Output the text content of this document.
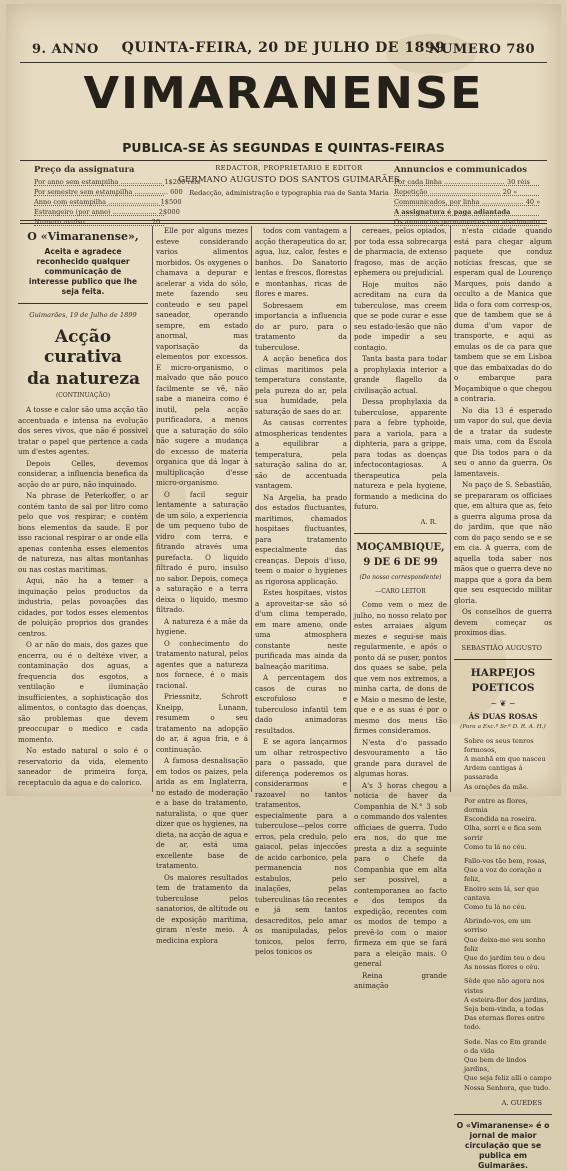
9. ANNO	QUINTA-FEIRA, 20 DE JULHO DE 1899
NUMERO 780
VIMARANENSE
PUBLICA-SE ÀS SEGUNDAS E QUINTAS-FEIRAS
Preço da assignatura
Por anno sem estampilha .................... 1$200 réis
Por semestre sem estampilha ................ 600
Anno com estampilha ........................ 1$500
Estrangeiro (por anno) ..................... 2$000
Numero avulso .............................. 20
REDACTOR, PROPRIETARIO E EDITOR
GERMANO AUGUSTO DOS SANTOS GUIMARÃES
Redacção, administração e typographia rua de Santa Maria
Annuncios e communicados
Por cada linha ............................. 30 réis
Repetição .................................. 20 »
Communicados, por linha .................... 40 »
A assignatura é paga adiantada
Os annuncios permanentes tem abatimento
O «Vimaranense»,
Aceita e agradece reconhecido qualquer communicação de interesse publico que lhe seja feita.
Guimarães, 19 de Julho de 1899
Acção curativa
da natureza
(CONTINUAÇÃO)

A tosse e calor são uma acção tão accentuada e intensa na evolução dos seres vivos, que não é possivel tratar o papel que pertence a cada um d'estes agentes.

Depois Celles, devemos considerar, a influencia benefica da acção do ar puro, não inquinado.

Na phrase de Peterkoffer, o ar contém tanto de sal por litro como pelo que vos respirar; e contém bons elementos da saude. E por isso racional respirar o ar onde ella apenas contenha esses elementos de natureza, nas altas montanhas ou nas costas maritimas.

Aqui, não ha a temer a inquinação pelos productos da industria, pelas povoações das cidades, por todos esses elementos de poluição proprios dos grandes centros.

O ar não do mais, dos gazes que encerra, ou é o deltéxe viver, a contaminação dos aguas, a frequencia dos esgotos, a ventilação e iluminação insufficientes, a sophisticação dos alimentos, o contagio das doenças, são problemas que devem preoccupar o medico e cada momento.

No estado natural o solo é o reservatorio da vida, elemento saneador de primeira força, receptaculo da agua e do calorico.

Elle por alguns mezes esteve considerando varios alimentos morbidos. Os oxygenes o chamava a depurar e acelerar a vida do sólo, mete fazendo seu conteudo e seu papel saneador, operando sempre, em estado anormal, mas vaporisação da elementos por excessos. E micro-organismo, o malvado que não pouco facilmente se vê, não sabe a maneira como é inutil, pela acção purificadora, a menos que a saturação do sólo não sugere a mudança do excesso de materia organica que dá logar à multiplicação d'esse micro-organismo.

O facil seguir lentamente a saturação de um sólo, a experiencia de um pequeno tubo de vidro com terra, e fitrando através uma purefacta. O liquido filtrado é puro, insulso no sabor. Depois, começa a saturação e a terra deixa o liquido, mesmo filtrado.

A natureza é a mãe da hygiene.

O conhecimento do tratamento natural, pelos agentes que a natureza nos fornece, é o mais racional.

Priessnitz, Schrott Kneipp, Lunann, resumem o seu tratamento na adopção do ar, á agua fria, e á continuação.

A famosa desnalisação em todos os paizes, pela arida as em Inglaterra, no estado de moderação e a base do tratamento, naturalista, o que quer dizer que os hygienes, na dieta, na acção de agua e de ar, está uma excellente base de tratamento.

Os maiores resultados tem de tratamento da tuberculose pelos sanatorios, de altitude ou de exposição maritima, giram n'este meio. A medicina explora

todos com vantagem a acção therapeutica do ar, agua, luz, calor, festes e banhos. Do Sanatorio lentas e frescos, florestas e montanhas, ricas de flores e mares.

Sobresaem em importancia a influencia do ar puro, para o tratamento da tuberculose.

A acção benefica dos climas maritimos pela temperatura constante, pela pureza do ar, pela sua humidade, pela saturação de saes do ar.

As causas correntes atmosphericas tendentes a equilibrar a temperatura, pela saturação salina do ar, são de accentuada vantagem.

Na Argelia, ha prado dos estados fluctuantes, maritimos, chamados hospitaes fluctuantes, para tratamento especialmente das creanças. Depois d'isso, teem o maior o hygienes as rigorosa applicação.

Estes hospitaes, vistos a aproveitar-se são só d'um clima temperado, em mare ameno, onde uma atmosphera constante neste purificada mas ainda da balneação maritima.

A percentagem dos casos de curas no escrofuloso e tuberculoso infantil tem dado animadoras resultados.

E se agora lançarmos um olhar retrospectivo para o passado, que diferença poderemos os considerarmos e razoavel no tantos tratamentos, especialmente para a tuberculose—pelos corre erros, pela credulo, pelo gaiacol, pelas injeccões de acido carbonico, pela permanencia nos estabulos, pelo inalações, pelas tuberculinas tão recentes e já sem tantos desacreditos, pelo amar os manipuladas, pelos tonicos, pelos ferro, pelos tonicos os

cereaes, pelos opiados, por toda essa sobrecarga de pharmacia, de extenso fragoso, mas de acção ephemera ou prejudicial.

Hoje muitos não acreditam na cura da tuberculose, mas creem que se pode curar e esse seu estado-lesão que não pode impedir a seu contagio.

Tanta basta para todar a prophylaxia interior a grande flagello da civilisação actual.

Dessa prophylaxia da tuberculose, apparente para a febre typhoide, para a variola, para a diphteria, para a grippe, para todas as doenças infectocontagiosas. A therapeutica pela natureza e pela hygiene, formando a medicina do futuro.

A. R.
MOÇAMBIQUE, 9 DE 6 DE 99
(Do nosso correspondente)
—CARO LEITOR

Como vem o mez de julho, no nosso relato por estes arraiaes algum mezes e segui-se mais regularmente, e após o ponto dá se puser, pontos dos quaes se sabe, pela que vem nos extremos, a minha carta, de dons de e Maio o mesmo de leste, que e e as suas é por o mesmo dos meus tão firmes consideramos.

N'esta d'o passado desvouramento a tão grande para duravel de algumas horas.

A's 3 horas chegou a noticia de haver da Companhia de N.° 3 sob o commando dos valentes officiaes de guerra. Tudo era nos, do que me presta a diz a seguinte para o Chefe da Companhia que em alta ser possivel, a contemporanea ao facto e dos tempos da expedição, recentes com os modos de tempo a prevê-lo com o maior firmeza em que se fará para a eleição mais. O general

Reina grande animação

n'esta cidade quando está para chegar algum paquete que conduz notícias frescas, que se esperam qual de Lourenço Marques, pois dando a occulto a de Manica que lida o fora com corresp-os, que de tambem que se á duma d'um vapor de transporte, e aqui as emulas os de ca para que tambem que se em Lisboa que das embaixadas do do o embarque para Moçambique o que chegou a contraria.

No dia 13 é esperado um vapor do sul, que devia de a tratar da sudeste mais uma, com da Escola que Dia todos para o da seu o anno da guerra. Os lamentaveis.

No paço de S. Sebastião, se prepararam os officiaes que, em altura que as, feio a guerra alguma prosa da do jardim, que que não com do paço sendo se e se em cia. A guerra, com de aquella toda saber nos mãos que o guerra deve no mappa que a gora da bem que seu esquecido militar gloria.

Os conselhos de guerra devem começar os proximos dias.

SEBASTIÃO AUGUSTO
HARPEJOS POETICOS
~ ❦ ~
ÁS DUAS ROSAS
(Para a Exc.ª Sr.ª D. R. A. H.)
Sobre os seus tenros formosos,
A manhã em que nasceu
Ardem cantigas á passarada
As orações da mãe.
Por entre as flores, dormia
Escondida na roseira.
Olha, sorri e e fica sem sorrir
Como tu lá no céu.
Fallo-vos tão bem, rosas,
Que a voz do coração a feliz,
Enoiro sem lá, ser que cantava
Como tu lá no céu.
Abrindo-vos, em um sorriso
Que deixa-me seu sonho feliz
Que do jardim teu o deu
As nossas flores o céu.
Sêde que não agora nos vistes
A esteira-flor dos jardins,
Seja bem-vinda, a todas
Das eternas flores entre todo.
Sede. Nas co Em grande o da vida
Que bem de lindos jardins,
Que seja feliz alli o campo
Nossa Senhora, que tudo.
A. GUEDES
O «Vimaranense» é o jornal de maior circulação que se publica em Guimarães.
